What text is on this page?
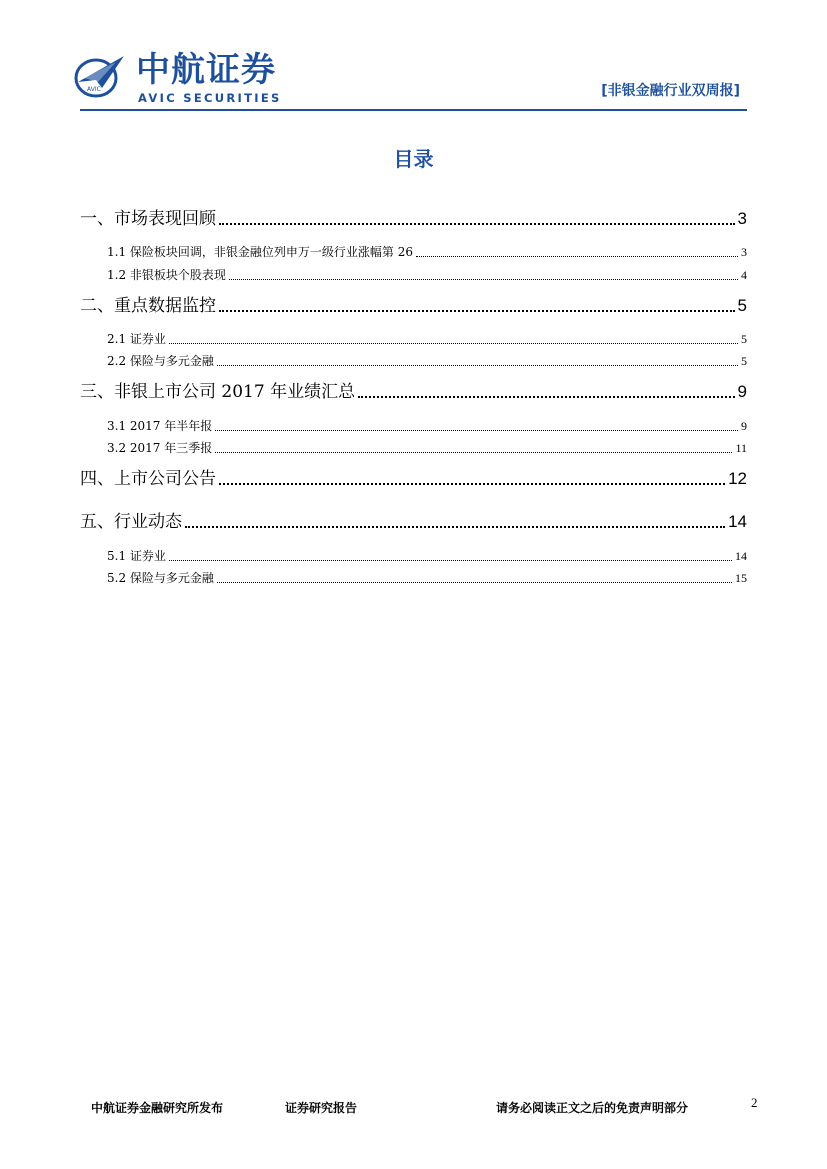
AVIC 中航证券
AVIC SECURITIES	[非银金融行业双周报]
目录
一、市场表现回顾	3
1.1 保险板块回调，非银金融位列申万一级行业涨幅第 26	3
1.2 非银板块个股表现	4
二、重点数据监控	5
2.1 证券业	5
2.2 保险与多元金融	5
三、非银上市公司 2017 年业绩汇总	9
3.1 2017 年半年报	9
3.2 2017 年三季报	11
四、上市公司公告	12
五、行业动态	14
5.1 证券业	14
5.2 保险与多元金融	15
中航证券金融研究所发布	证券研究报告	请务必阅读正文之后的免责声明部分	2
